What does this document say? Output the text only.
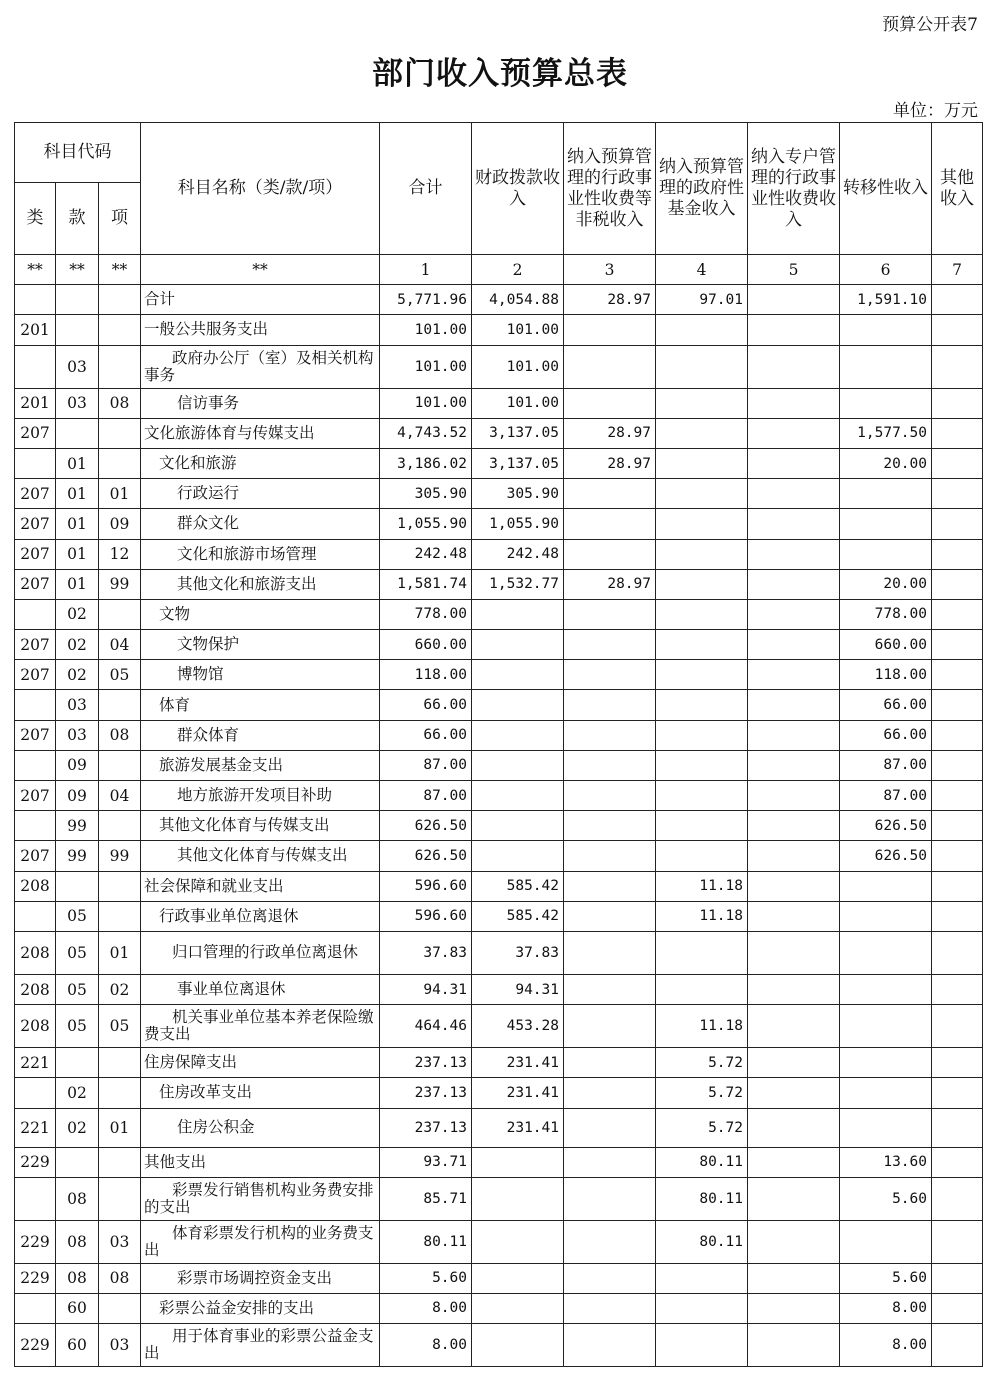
预算公开表7
部门收入预算总表
单位：万元
科目代码			科目名称（类/款/项）	合计	财政拨款收入	纳入预算管理的行政事业性收费等非税收入	纳入预算管理的政府性基金收入	纳入专户管理的行政事业性收费收入	转移性收入	其他收入
类	款	项								
**	**	**	**	1	2	3	4	5	6	7
			合计	5,771.96	4,054.88	28.97	97.01		1,591.10	
201			一般公共服务支出	101.00	101.00					
	03		政府办公厅（室）及相关机构事务	101.00	101.00					
201	03	08	信访事务	101.00	101.00					
207			文化旅游体育与传媒支出	4,743.52	3,137.05	28.97			1,577.50	
	01		文化和旅游	3,186.02	3,137.05	28.97			20.00	
207	01	01	行政运行	305.90	305.90					
207	01	09	群众文化	1,055.90	1,055.90					
207	01	12	文化和旅游市场管理	242.48	242.48					
207	01	99	其他文化和旅游支出	1,581.74	1,532.77	28.97			20.00	
	02		文物	778.00					778.00	
207	02	04	文物保护	660.00					660.00	
207	02	05	博物馆	118.00					118.00	
	03		体育	66.00					66.00	
207	03	08	群众体育	66.00					66.00	
	09		旅游发展基金支出	87.00					87.00	
207	09	04	地方旅游开发项目补助	87.00					87.00	
	99		其他文化体育与传媒支出	626.50					626.50	
207	99	99	其他文化体育与传媒支出	626.50					626.50	
208			社会保障和就业支出	596.60	585.42		11.18			
	05		行政事业单位离退休	596.60	585.42		11.18			
208	05	01	归口管理的行政单位离退休	37.83	37.83					
208	05	02	事业单位离退休	94.31	94.31					
208	05	05	机关事业单位基本养老保险缴费支出	464.46	453.28		11.18			
221			住房保障支出	237.13	231.41		5.72			
	02		住房改革支出	237.13	231.41		5.72			
221	02	01	住房公积金	237.13	231.41		5.72			
229			其他支出	93.71			80.11		13.60	
	08		彩票发行销售机构业务费安排的支出	85.71			80.11		5.60	
229	08	03	体育彩票发行机构的业务费支出	80.11			80.11			
229	08	08	彩票市场调控资金支出	5.60					5.60	
	60		彩票公益金安排的支出	8.00					8.00	
229	60	03	用于体育事业的彩票公益金支出	8.00					8.00	
